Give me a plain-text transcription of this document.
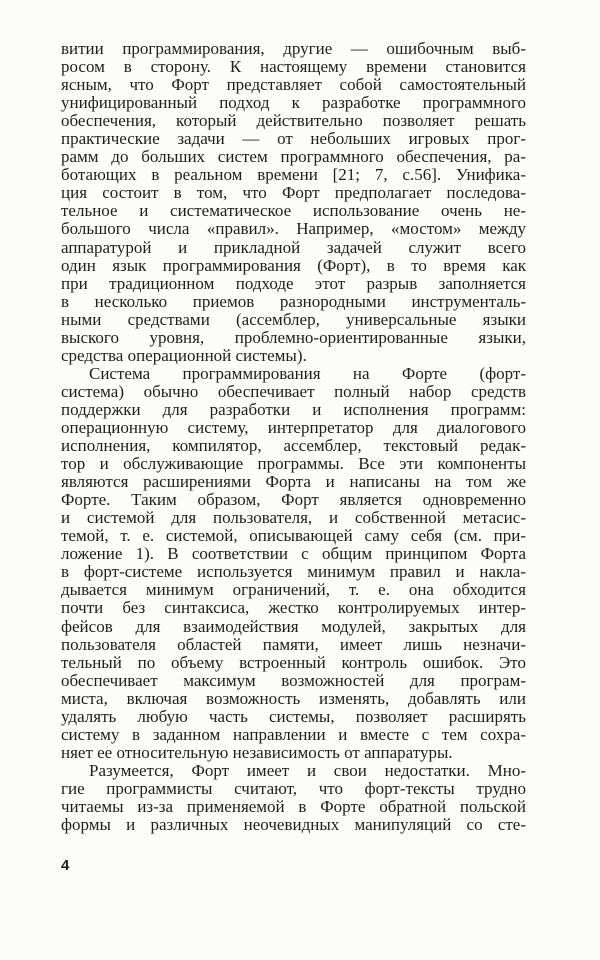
витии программирования, другие — ошибочным выб-
росом в сторону. К настоящему времени становится
ясным, что Форт представляет собой самостоятельный
унифицированный подход к разработке программного
обеспечения, который действительно позволяет решать
практические задачи — от небольших игровых прог-
рамм до больших систем программного обеспечения, ра-
ботающих в реальном времени [21; 7, с.56]. Унифика-
ция состоит в том, что Форт предполагает последова-
тельное и систематическое использование очень не-
большого числа «правил». Например, «мостом» между
аппаратурой и прикладной задачей служит всего
один язык программирования (Форт), в то время как
при традиционном подходе этот разрыв заполняется
в несколько приемов разнородными инструменталь-
ными средствами (ассемблер, универсальные языки
выского уровня, проблемно-ориентированные языки,
средства операционной системы).
Система программирования на Форте (форт-
система) обычно обеспечивает полный набор средств
поддержки для разработки и исполнения программ:
операционную систему, интерпретатор для диалогового
исполнения, компилятор, ассемблер, текстовый редак-
тор и обслуживающие программы. Все эти компоненты
являются расширениями Форта и написаны на том же
Форте. Таким образом, Форт является одновременно
и системой для пользователя, и собственной метасис-
темой, т. е. системой, описывающей саму себя (см. при-
ложение 1). В соответствии с общим принципом Форта
в форт-системе используется минимум правил и накла-
дывается минимум ограничений, т. е. она обходится
почти без синтаксиса, жестко контролируемых интер-
фейсов для взаимодействия модулей, закрытых для
пользователя областей памяти, имеет лишь незначи-
тельный по объему встроенный контроль ошибок. Это
обеспечивает максимум возможностей для програм-
миста, включая возможность изменять, добавлять или
удалять любую часть системы, позволяет расширять
систему в заданном направлении и вместе с тем сохра-
няет ее относительную независимость от аппаратуры.
Разумеется, Форт имеет и свои недостатки. Мно-
гие программисты считают, что форт-тексты трудно
читаемы из-за применяемой в Форте обратной польской
формы и различных неочевидных манипуляций со сте-
4
